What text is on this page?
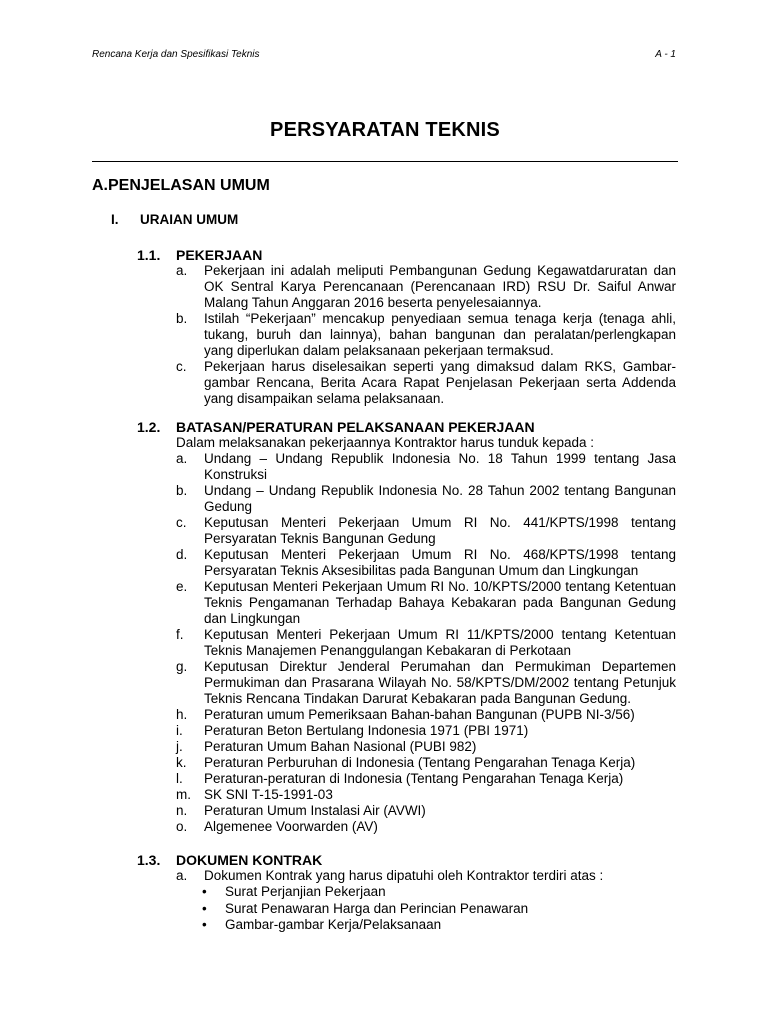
Rencana Kerja dan Spesifikasi Teknis	A - 1
PERSYARATAN TEKNIS
A.PENJELASAN UMUM
I. URAIAN UMUM
1.1. PEKERJAAN
a. Pekerjaan ini adalah meliputi Pembangunan Gedung Kegawatdaruratan dan OK Sentral Karya Perencanaan (Perencanaan IRD) RSU Dr. Saiful Anwar Malang Tahun Anggaran 2016 beserta penyelesaiannya.
b. Istilah “Pekerjaan” mencakup penyediaan semua tenaga kerja (tenaga ahli, tukang, buruh dan lainnya), bahan bangunan dan peralatan/perlengkapan yang diperlukan dalam pelaksanaan pekerjaan termaksud.
c. Pekerjaan harus diselesaikan seperti yang dimaksud dalam RKS, Gambar-gambar Rencana, Berita Acara Rapat Penjelasan Pekerjaan serta Addenda yang disampaikan selama pelaksanaan.
1.2. BATASAN/PERATURAN PELAKSANAAN PEKERJAAN
Dalam melaksanakan pekerjaannya Kontraktor harus tunduk kepada :
a. Undang – Undang Republik Indonesia No. 18 Tahun 1999 tentang Jasa Konstruksi
b. Undang – Undang Republik Indonesia No. 28 Tahun 2002 tentang Bangunan Gedung
c. Keputusan Menteri Pekerjaan Umum RI No. 441/KPTS/1998 tentang Persyaratan Teknis Bangunan Gedung
d. Keputusan Menteri Pekerjaan Umum RI No. 468/KPTS/1998 tentang Persyaratan Teknis Aksesibilitas pada Bangunan Umum dan Lingkungan
e. Keputusan Menteri Pekerjaan Umum RI No. 10/KPTS/2000 tentang Ketentuan Teknis Pengamanan Terhadap Bahaya Kebakaran pada Bangunan Gedung dan Lingkungan
f. Keputusan Menteri Pekerjaan Umum RI 11/KPTS/2000 tentang Ketentuan Teknis Manajemen Penanggulangan Kebakaran di Perkotaan
g. Keputusan Direktur Jenderal Perumahan dan Permukiman Departemen Permukiman dan Prasarana Wilayah No. 58/KPTS/DM/2002 tentang Petunjuk Teknis Rencana Tindakan Darurat Kebakaran pada Bangunan Gedung.
h. Peraturan umum Pemeriksaan Bahan-bahan Bangunan (PUPB NI-3/56)
i. Peraturan Beton Bertulang Indonesia 1971 (PBI 1971)
j. Peraturan Umum Bahan Nasional (PUBI 982)
k. Peraturan Perburuhan di Indonesia (Tentang Pengarahan Tenaga Kerja)
l. Peraturan-peraturan di Indonesia (Tentang Pengarahan Tenaga Kerja)
m. SK SNI T-15-1991-03
n. Peraturan Umum Instalasi Air (AVWI)
o. Algemenee Voorwarden (AV)
1.3. DOKUMEN KONTRAK
a. Dokumen Kontrak yang harus dipatuhi oleh Kontraktor terdiri atas :
• Surat Perjanjian Pekerjaan
• Surat Penawaran Harga dan Perincian Penawaran
• Gambar-gambar Kerja/Pelaksanaan
